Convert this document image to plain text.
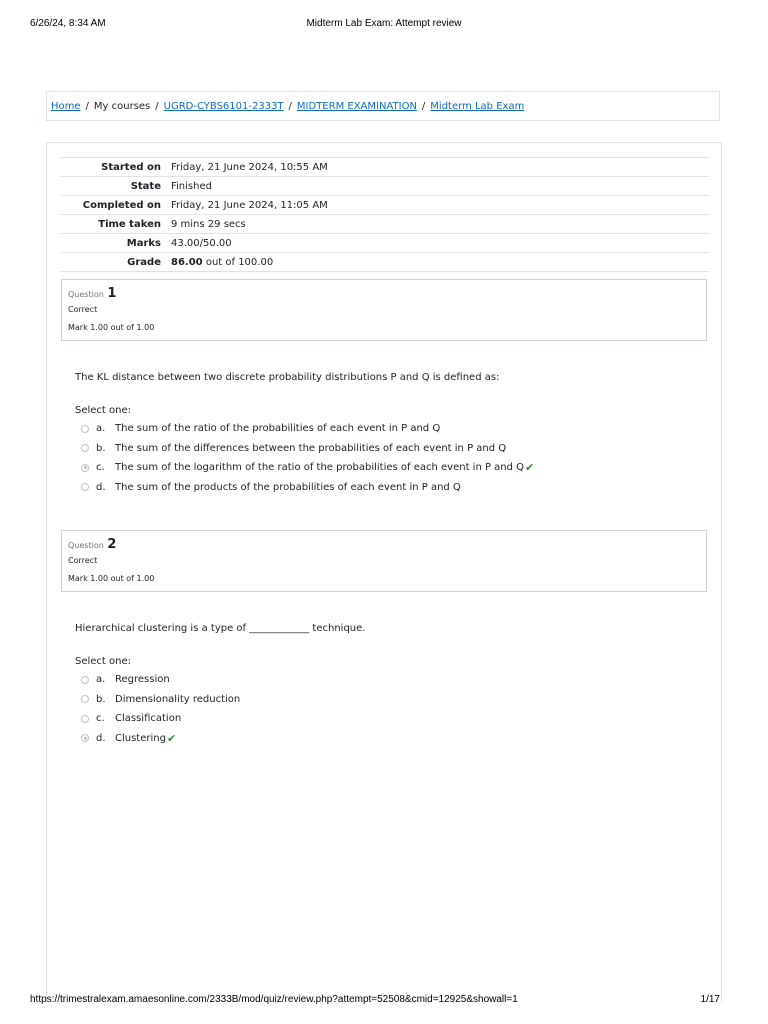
6/26/24, 8:34 AM	Midterm Lab Exam: Attempt review
Home / My courses / UGRD-CYBS6101-2333T / MIDTERM EXAMINATION / Midterm Lab Exam
Started on	Friday, 21 June 2024, 10:55 AM
State	Finished
Completed on	Friday, 21 June 2024, 11:05 AM
Time taken	9 mins 29 secs
Marks	43.00/50.00
Grade	86.00 out of 100.00
Question 1
Correct
Mark 1.00 out of 1.00
The KL distance between two discrete probability distributions P and Q is defined as:
Select one:
a. The sum of the ratio of the probabilities of each event in P and Q
b. The sum of the differences between the probabilities of each event in P and Q
c.	The sum of the logarithm of the ratio of the probabilities of each event in P and Q ✔
d. The sum of the products of the probabilities of each event in P and Q
Question 2
Correct
Mark 1.00 out of 1.00
Hierarchical clustering is a type of ____________ technique.
Select one:
a. Regression
b. Dimensionality reduction
c.	Classification
d. Clustering ✔
https://trimestralexam.amaesonline.com/2333B/mod/quiz/review.php?attempt=52508&cmid=12925&showall=1	1/17
